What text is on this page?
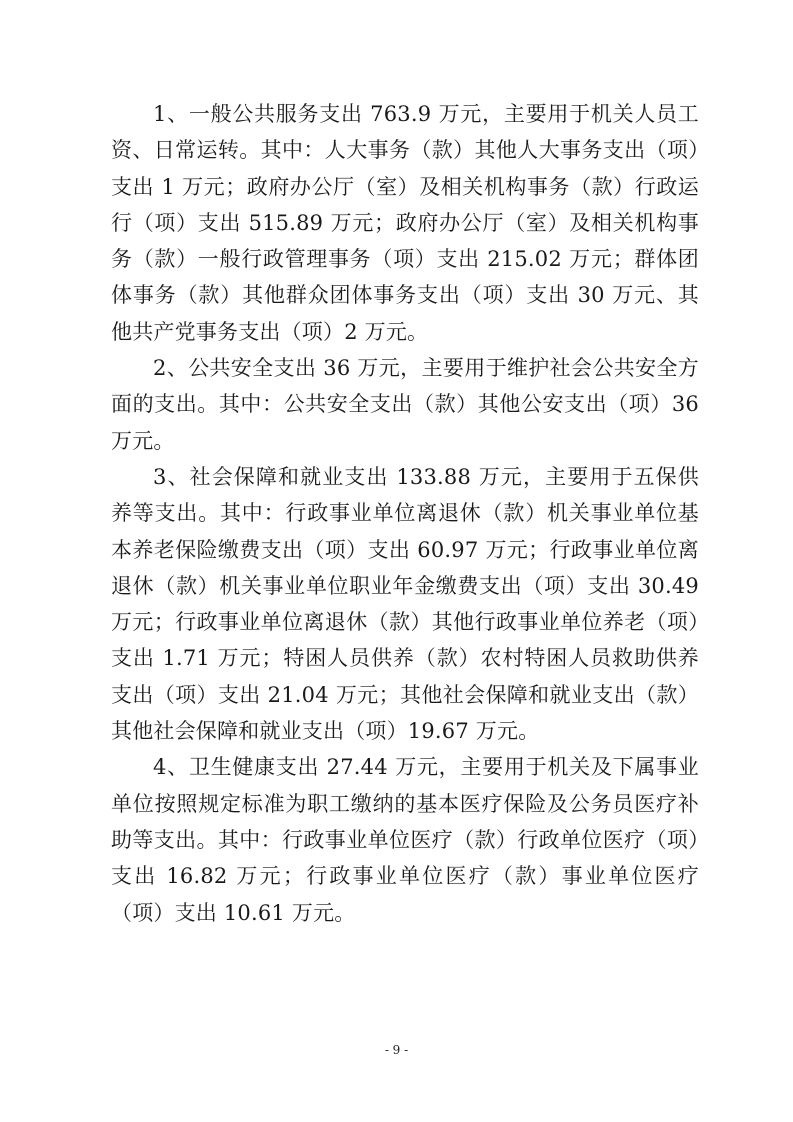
1、一般公共服务支出 763.9 万元，主要用于机关人员工资、日常运转。其中：人大事务（款）其他人大事务支出（项）支出 1 万元；政府办公厅（室）及相关机构事务（款）行政运行（项）支出 515.89 万元；政府办公厅（室）及相关机构事务（款）一般行政管理事务（项）支出 215.02 万元；群体团体事务（款）其他群众团体事务支出（项）支出 30 万元、其他共产党事务支出（项）2 万元。

2、公共安全支出 36 万元，主要用于维护社会公共安全方面的支出。其中：公共安全支出（款）其他公安支出（项）36 万元。

3、社会保障和就业支出 133.88 万元，主要用于五保供养等支出。其中：行政事业单位离退休（款）机关事业单位基本养老保险缴费支出（项）支出 60.97 万元；行政事业单位离退休（款）机关事业单位职业年金缴费支出（项）支出 30.49 万元；行政事业单位离退休（款）其他行政事业单位养老（项）支出 1.71 万元；特困人员供养（款）农村特困人员救助供养支出（项）支出 21.04 万元；其他社会保障和就业支出（款）其他社会保障和就业支出（项）19.67 万元。

4、卫生健康支出 27.44 万元，主要用于机关及下属事业单位按照规定标准为职工缴纳的基本医疗保险及公务员医疗补助等支出。其中：行政事业单位医疗（款）行政单位医疗（项）支出 16.82 万元；行政事业单位医疗（款）事业单位医疗（项）支出 10.61 万元。

- 9 -
